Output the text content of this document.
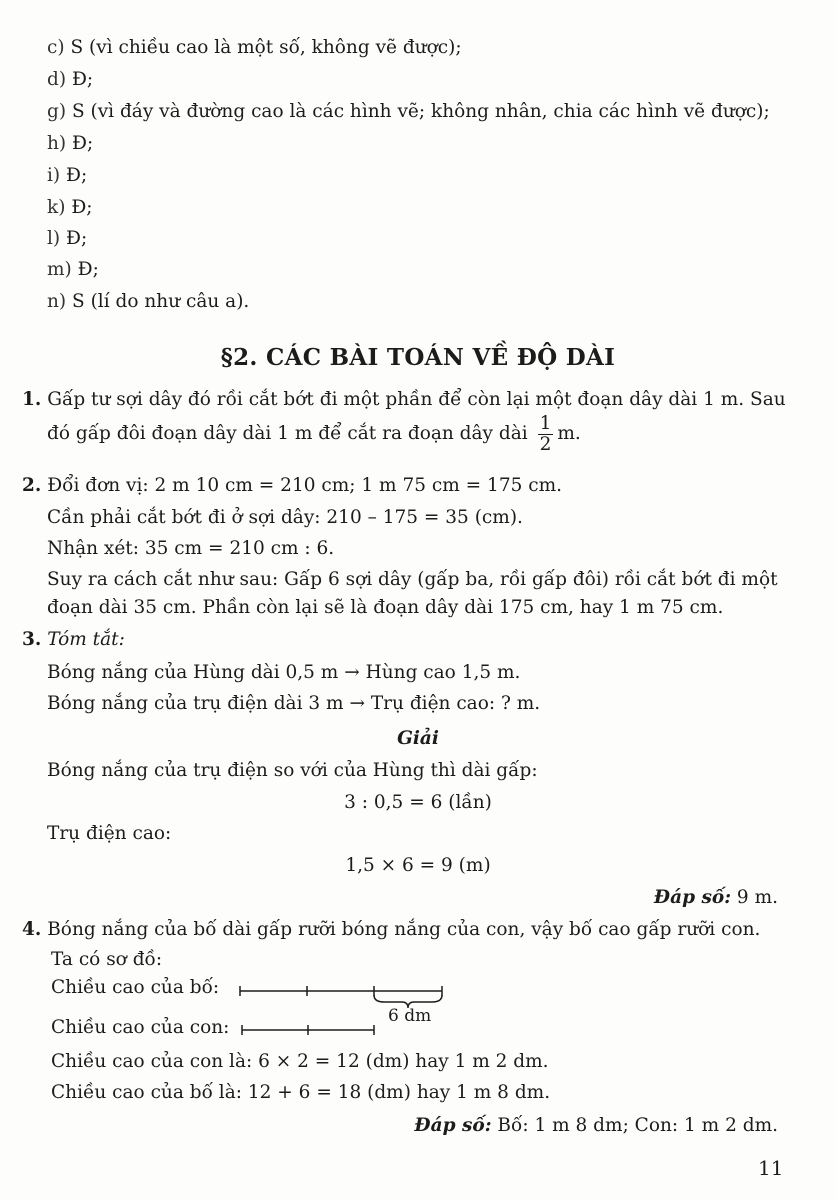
c) S (vì chiều cao là một số, không vẽ được);
d) Đ;
g) S (vì đáy và đường cao là các hình vẽ; không nhân, chia các hình vẽ được);
h) Đ;
i) Đ;
k) Đ;
l) Đ;
m) Đ;
n) S (lí do như câu a).
§2. CÁC BÀI TOÁN VỀ ĐỘ DÀI
1. Gấp tư sợi dây đó rồi cắt bớt đi một phần để còn lại một đoạn dây dài 1 m. Sau
đó gấp đôi đoạn dây dài 1 m để cắt ra đoạn dây dài $\frac{1}{2} m$.
2. Đổi đơn vị: 2 m 10 cm = 210 cm; 1 m 75 cm = 175 cm.
Cần phải cắt bớt đi ở sợi dây: 210 – 175 = 35 (cm).
Nhận xét: 35 cm = 210 cm : 6.
Suy ra cách cắt như sau: Gấp 6 sợi dây (gấp ba, rồi gấp đôi) rồi cắt bớt đi một
đoạn dài 35 cm. Phần còn lại sẽ là đoạn dây dài 175 cm, hay 1 m 75 cm.
3. Tóm tắt:
Bóng nắng của Hùng dài 0,5 m → Hùng cao 1,5 m.
Bóng nắng của trụ điện dài 3 m → Trụ điện cao: ? m.
Giải
Bóng nắng của trụ điện so với của Hùng thì dài gấp:
3 : 0,5 = 6 (lần)
Trụ điện cao:
1,5 × 6 = 9 (m)
Đáp số: 9 m.
4. Bóng nắng của bố dài gấp rưỡi bóng nắng của con, vậy bố cao gấp rưỡi con.
Ta có sơ đồ:
Chiều cao của bố:
Chiều cao của con:
6 dm
Chiều cao của con là: 6 × 2 = 12 (dm) hay 1 m 2 dm.
Chiều cao của bố là: 12 + 6 = 18 (dm) hay 1 m 8 dm.
Đáp số: Bố: 1 m 8 dm; Con: 1 m 2 dm.
11
